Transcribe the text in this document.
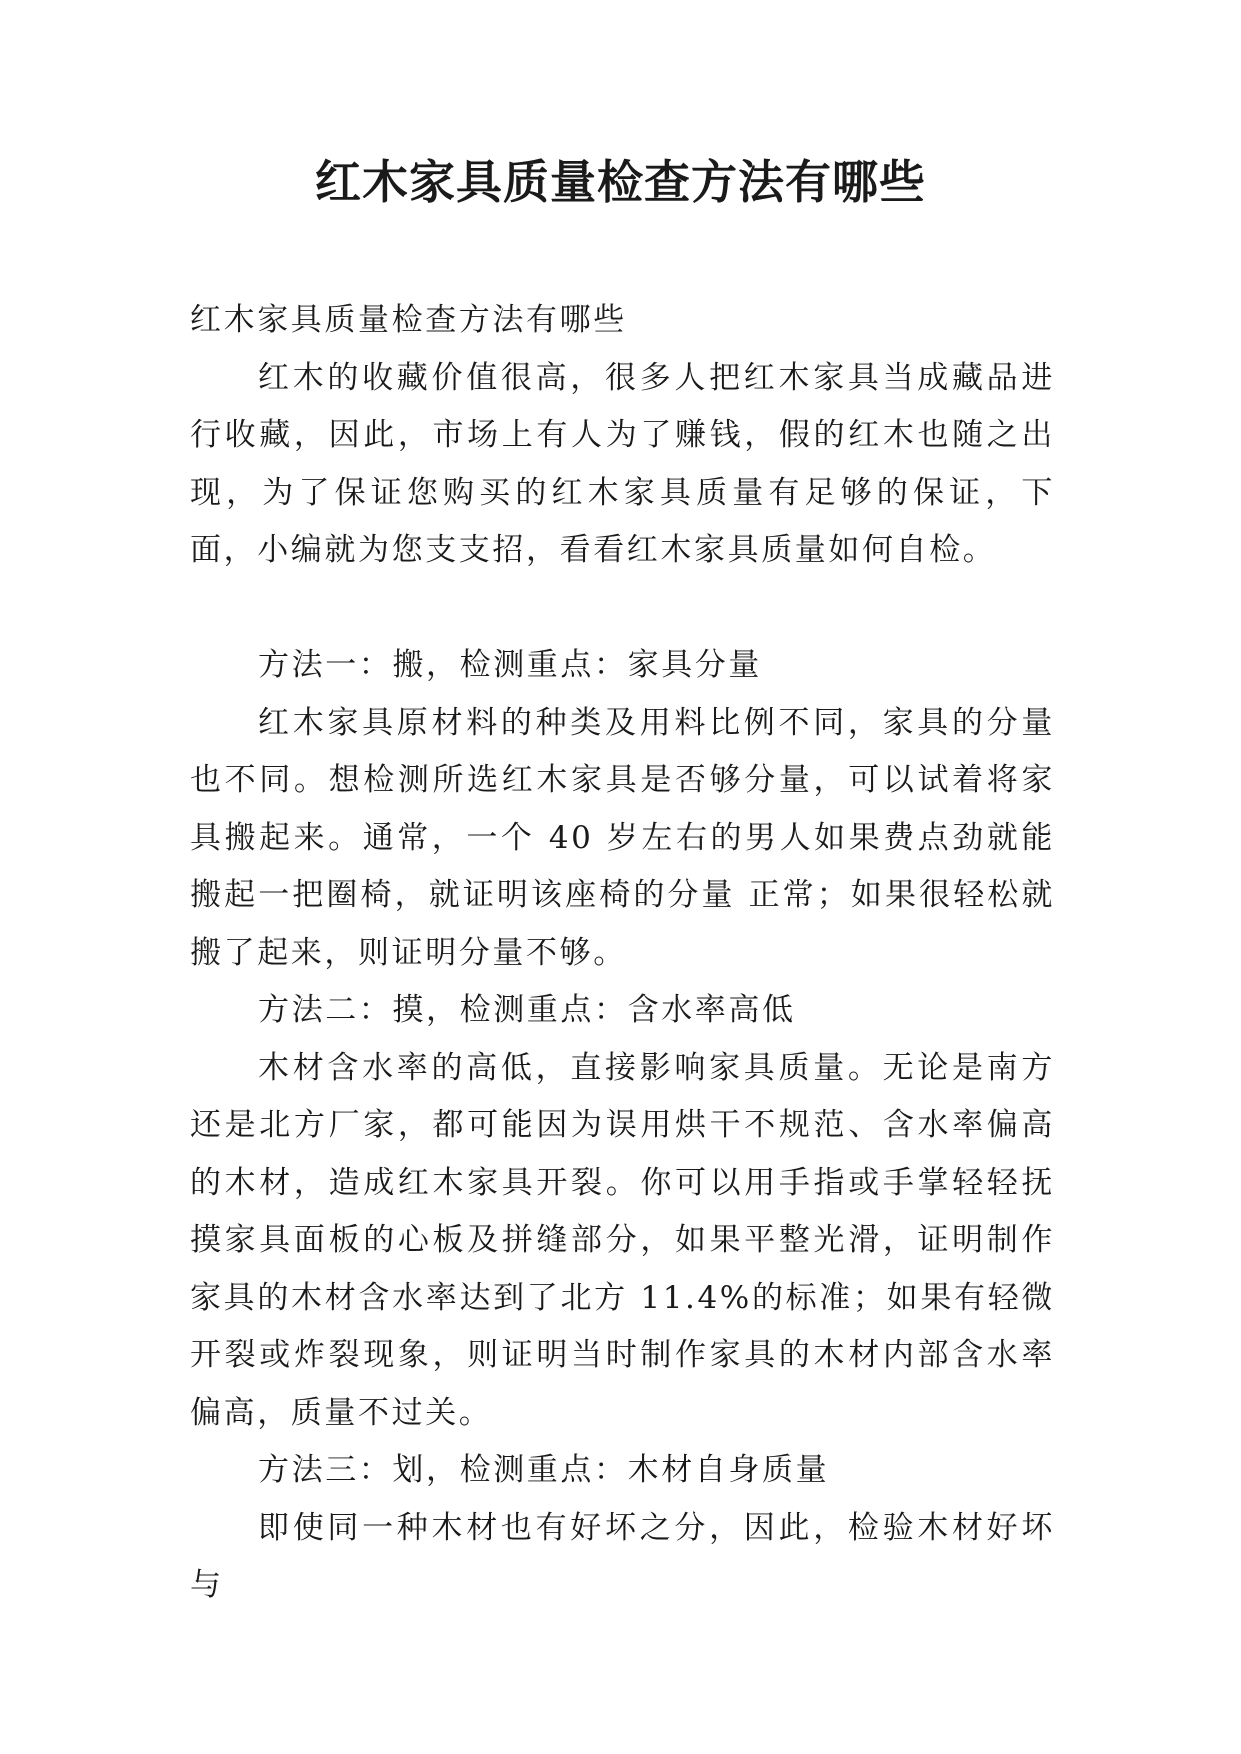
红木家具质量检查方法有哪些

红木家具质量检查方法有哪些

红木的收藏价值很高，很多人把红木家具当成藏品进行收藏，因此，市场上有人为了赚钱，假的红木也随之出现，为了保证您购买的红木家具质量有足够的保证，下面，小编就为您支支招，看看红木家具质量如何自检。

方法一：搬，检测重点：家具分量

红木家具原材料的种类及用料比例不同，家具的分量也不同。想检测所选红木家具是否够分量，可以试着将家具搬起来。通常，一个 40 岁左右的男人如果费点劲就能搬起一把圈椅，就证明该座椅的分量 正常；如果很轻松就搬了起来，则证明分量不够。

方法二：摸，检测重点：含水率高低

木材含水率的高低，直接影响家具质量。无论是南方还是北方厂家，都可能因为误用烘干不规范、含水率偏高的木材，造成红木家具开裂。你可以用手指或手掌轻轻抚摸家具面板的心板及拼缝部分，如果平整光滑，证明制作家具的木材含水率达到了北方 11.4%的标准；如果有轻微开裂或炸裂现象，则证明当时制作家具的木材内部含水率偏高，质量不过关。

方法三：划，检测重点：木材自身质量

即使同一种木材也有好坏之分，因此，检验木材好坏与
